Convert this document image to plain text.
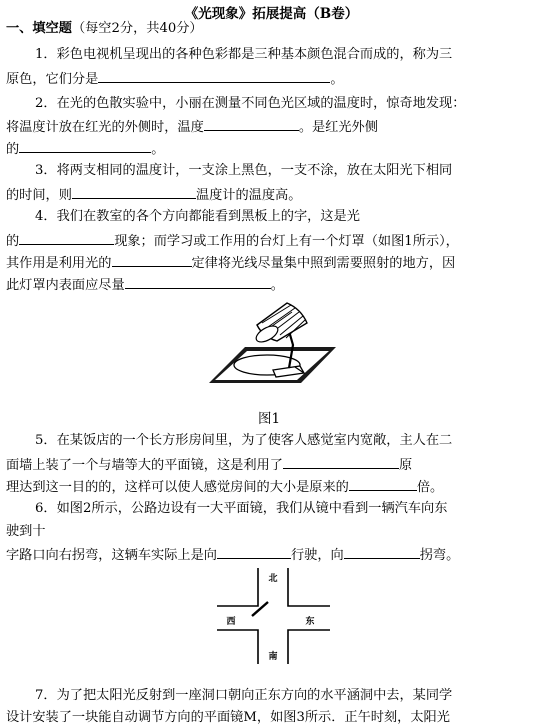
《光现象》拓展提高（B卷）
一、填空题（每空2分，共40分）
1．彩色电视机呈现出的各种色彩都是三种基本颜色混合而成的，称为三
原色，它们分是	。
2．在光的色散实验中，小丽在测量不同色光区域的温度时，惊奇地发现：
将温度计放在红光的外侧时，温度	。是红光外侧
的	。
3．将两支相同的温度计，一支涂上黑色，一支不涂，放在太阳光下相同
的时间，则	温度计的温度高。
4．我们在教室的各个方向都能看到黑板上的字，这是光
的	现象；而学习或工作用的台灯上有一个灯罩（如图1所示），
其作用是利用光的	定律将光线尽量集中照到需要照射的地方，因
此灯罩内表面应尽量	。
图1
5．在某饭店的一个长方形房间里，为了使客人感觉室内宽敞，主人在二
面墙上装了一个与墙等大的平面镜，这是利用了	原
理达到这一目的的，这样可以使人感觉房间的大小是原来的	倍。
6．如图2所示，公路边设有一大平面镜，我们从镜中看到一辆汽车向东
驶到十
字路口向右拐弯，这辆车实际上是向	行驶，向	拐弯。
北
南
西	东
7．为了把太阳光反射到一座洞口朝向正东方向的水平涵洞中去，某同学
设计安装了一块能自动调节方向的平面镜M，如图3所示．正午时刻，太阳光
